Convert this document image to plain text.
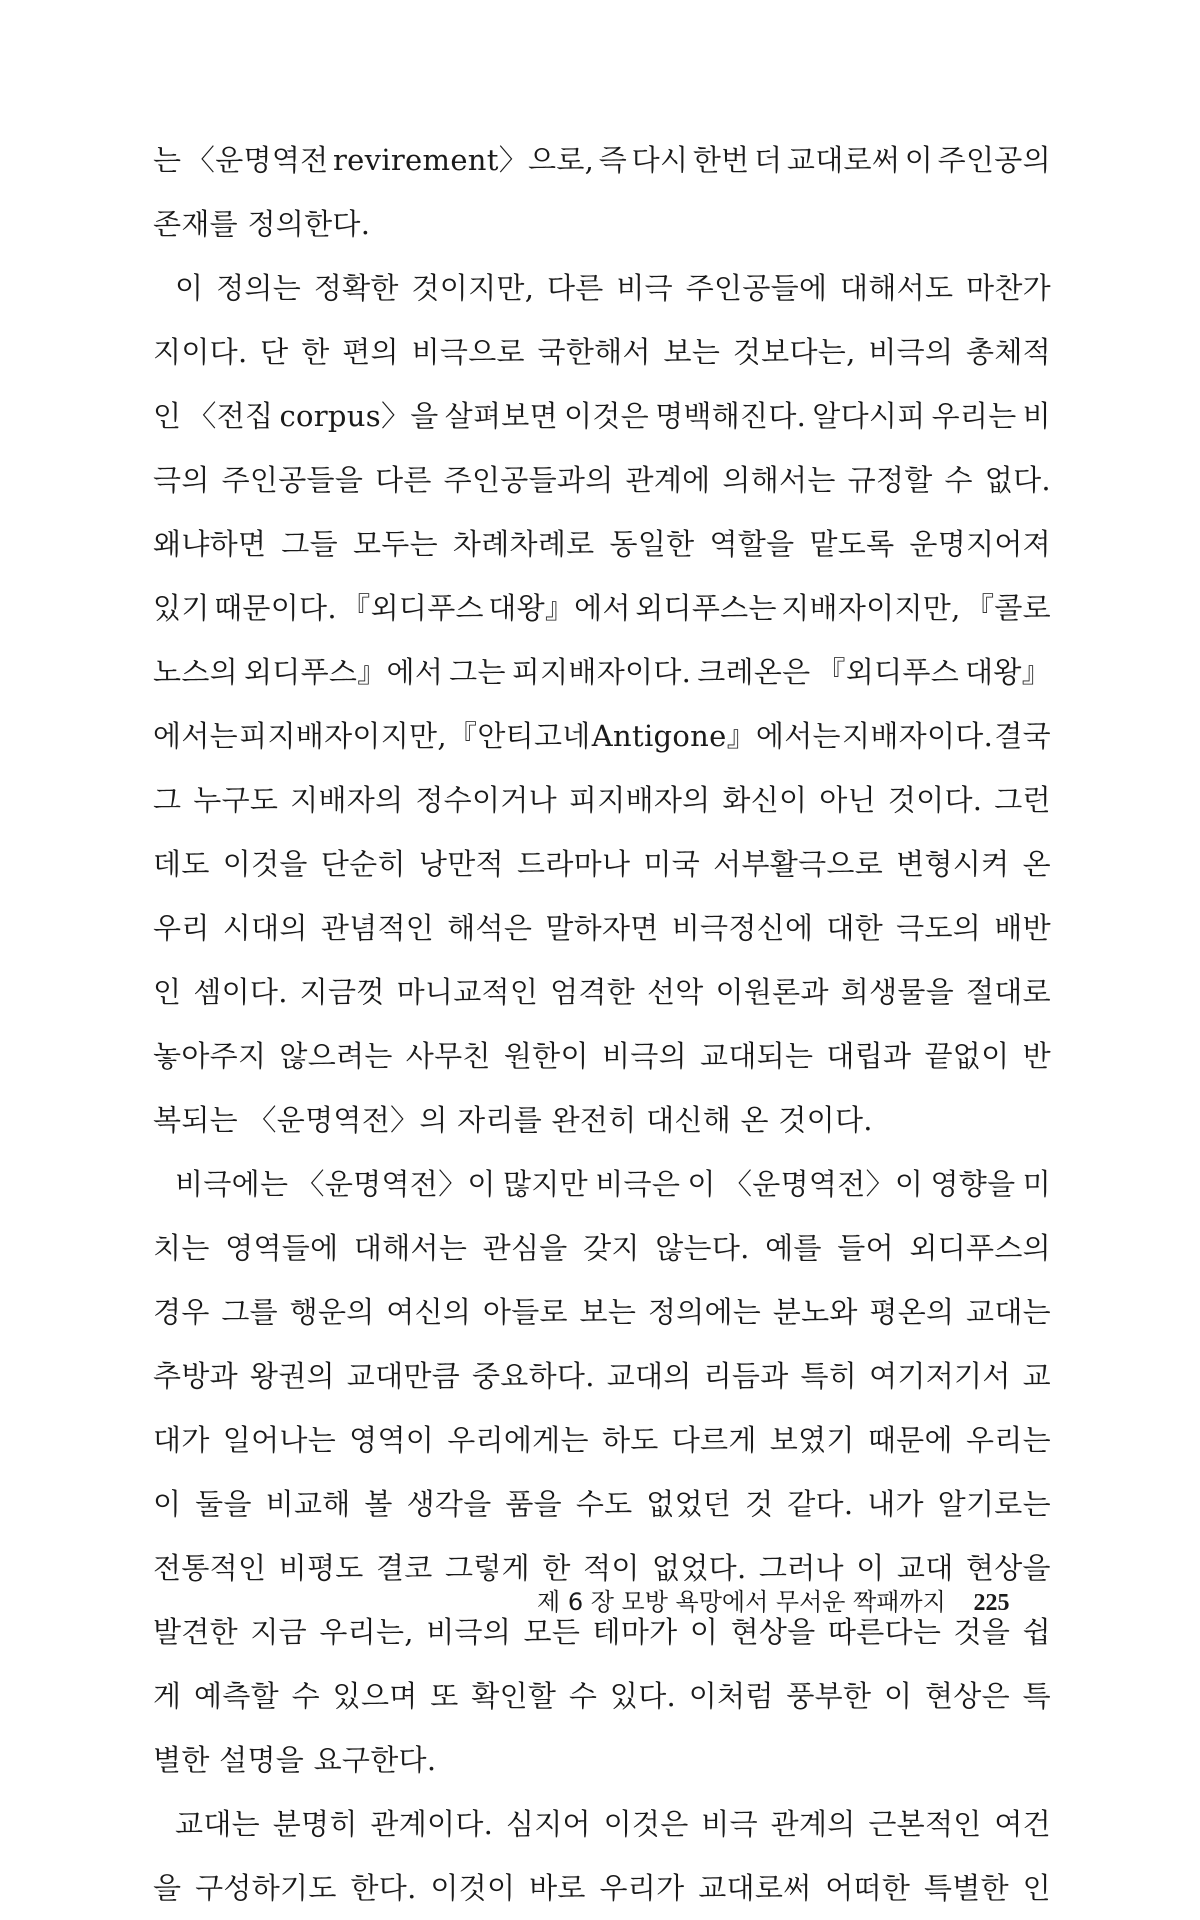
는 〈운명역전 revirement〉으로, 즉 다시 한번 더 교대로써 이 주인공의
존재를 정의한다.
이 정의는 정확한 것이지만, 다른 비극 주인공들에 대해서도 마찬가
지이다. 단 한 편의 비극으로 국한해서 보는 것보다는, 비극의 총체적
인 〈전집 corpus〉을 살펴보면 이것은 명백해진다. 알다시피 우리는 비
극의 주인공들을 다른 주인공들과의 관계에 의해서는 규정할 수 없다.
왜냐하면 그들 모두는 차례차례로 동일한 역할을 맡도록 운명지어져
있기 때문이다. 『외디푸스 대왕』에서 외디푸스는 지배자이지만, 『콜로
노스의 외디푸스』에서 그는 피지배자이다. 크레온은 『외디푸스 대왕』
에서는 피지배자이지만, 『안티고네 Antigone』에서는 지배자이다. 결국
그 누구도 지배자의 정수이거나 피지배자의 화신이 아닌 것이다. 그런
데도 이것을 단순히 낭만적 드라마나 미국 서부활극으로 변형시켜 온
우리 시대의 관념적인 해석은 말하자면 비극정신에 대한 극도의 배반
인 셈이다. 지금껏 마니교적인 엄격한 선악 이원론과 희생물을 절대로
놓아주지 않으려는 사무친 원한이 비극의 교대되는 대립과 끝없이 반
복되는 〈운명역전〉의 자리를 완전히 대신해 온 것이다.
비극에는 〈운명역전〉이 많지만 비극은 이 〈운명역전〉이 영향을 미
치는 영역들에 대해서는 관심을 갖지 않는다. 예를 들어 외디푸스의
경우 그를 행운의 여신의 아들로 보는 정의에는 분노와 평온의 교대는
추방과 왕권의 교대만큼 중요하다. 교대의 리듬과 특히 여기저기서 교
대가 일어나는 영역이 우리에게는 하도 다르게 보였기 때문에 우리는
이 둘을 비교해 볼 생각을 품을 수도 없었던 것 같다. 내가 알기로는
전통적인 비평도 결코 그렇게 한 적이 없었다. 그러나 이 교대 현상을
발견한 지금 우리는, 비극의 모든 테마가 이 현상을 따른다는 것을 쉽
게 예측할 수 있으며 또 확인할 수 있다. 이처럼 풍부한 이 현상은 특
별한 설명을 요구한다.
교대는 분명히 관계이다. 심지어 이것은 비극 관계의 근본적인 여건
을 구성하기도 한다. 이것이 바로 우리가 교대로써 어떠한 특별한 인
제 6 장 모방 욕망에서 무서운 짝패까지 225
